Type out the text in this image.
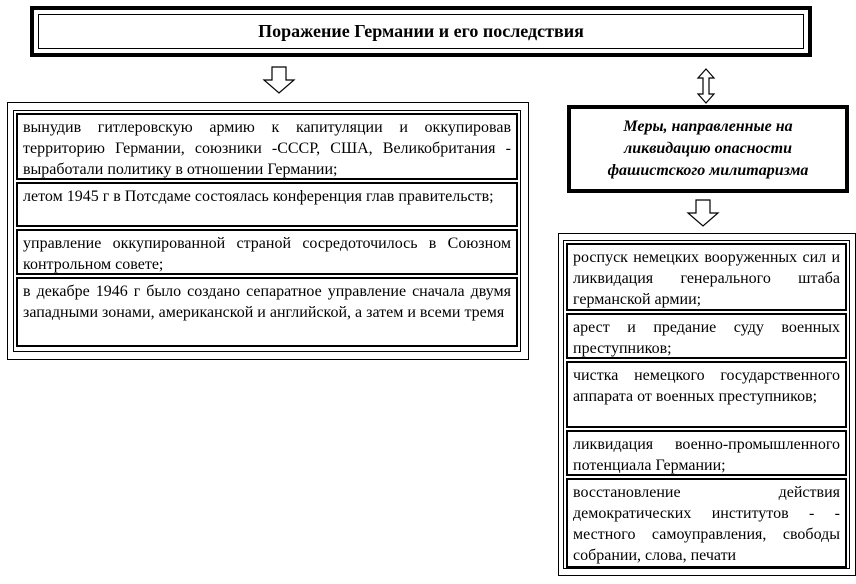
Поражение Германии и его последствия
вынудив гитлеровскую армию к капитуляции и оккупировав территорию Германии, союзники -СССР, США, Великобритания - выработали политику в отношении Германии;
летом 1945 г в Потсдаме состоялась конференция глав правительств;
управление оккупированной страной сосредоточилось в Союзном контрольном совете;
в декабре 1946 г было создано сепаратное управление сначала двумя западными зонами, американской и английской, а затем и всеми тремя
Меры, направленные на ликвидацию опасности фашистского милитаризма
роспуск немецких вооруженных сил и ликвидация генерального штаба германской армии;
арест и предание суду военных преступников;
чистка немецкого государственного аппарата от военных преступников;
ликвидация военно-промышленного потенциала Германии;
восстановление действия демократических институтов - - местного самоуправления, свободы собрании, слова, печати
